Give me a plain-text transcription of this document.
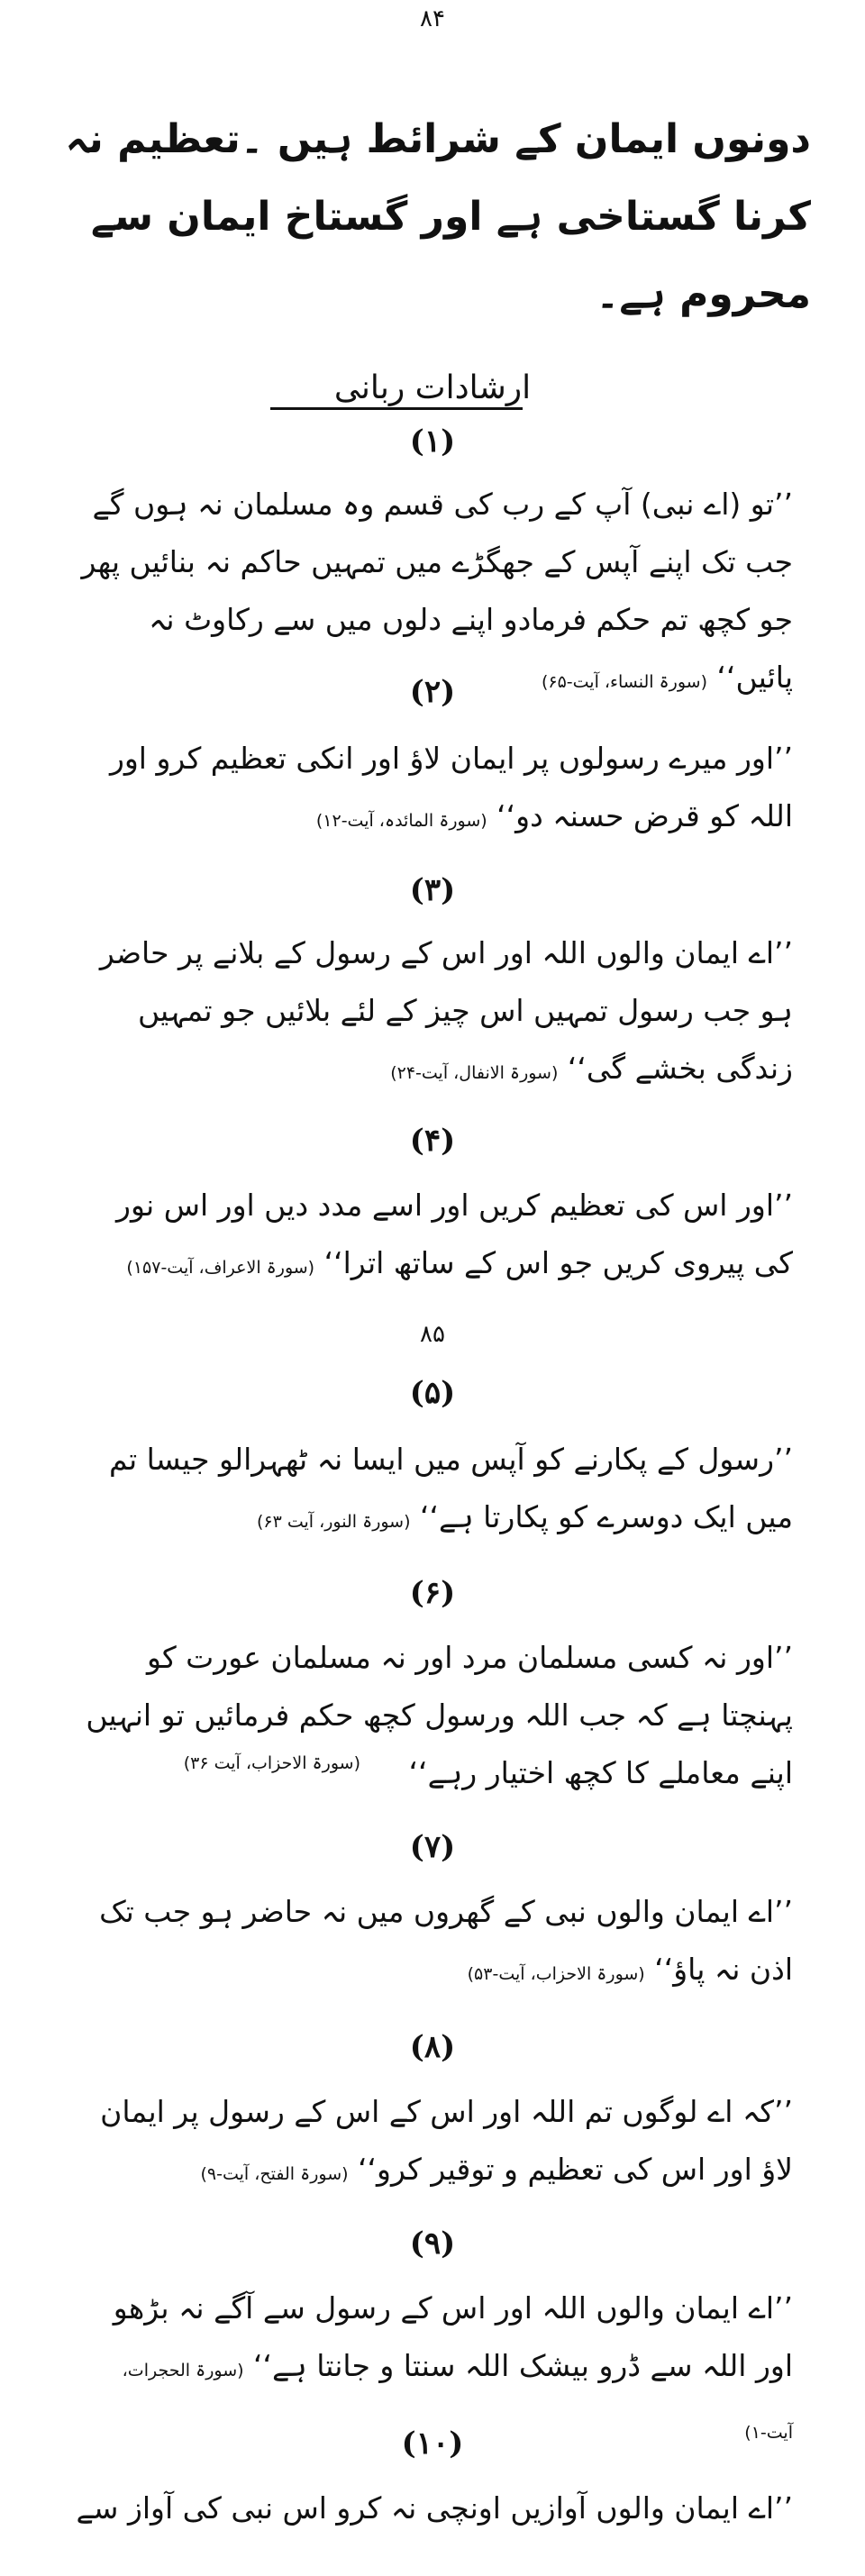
۸۴
دونوں ایمان کے شرائط ہیں ۔تعظیم نہ کرنا گستاخی ہے اور گستاخ ایمان سے محروم ہے۔
ارشادات ربانی
(۱)
’’تو (اے نبی) آپ کے رب کی قسم وہ مسلمان نہ ہوں گے جب تک اپنے آپس کے جھگڑے میں تمہیں حاکم نہ بنائیں پھر جو کچھ تم حکم فرمادو اپنے دلوں میں سے رکاوٹ نہ پائیں‘‘ (سورۃ النساء، آیت-۶۵)
(۲)
’’اور میرے رسولوں پر ایمان لاؤ اور انکی تعظیم کرو اور اللہ کو قرض حسنہ دو‘‘ (سورۃ المائدہ، آیت-۱۲)
(۳)
’’اے ایمان والوں اللہ اور اس کے رسول کے بلانے پر حاضر ہو جب رسول تمہیں اس چیز کے لئے بلائیں جو تمہیں زندگی بخشے گی‘‘ (سورۃ الانفال، آیت-۲۴)
(۴)
’’اور اس کی تعظیم کریں اور اسے مدد دیں اور اس نور کی پیروی کریں جو اس کے ساتھ اترا‘‘ (سورۃ الاعراف، آیت-۱۵۷)
۸۵
(۵)
’’رسول کے پکارنے کو آپس میں ایسا نہ ٹھہرالو جیسا تم میں ایک دوسرے کو پکارتا ہے‘‘ (سورۃ النور، آیت ۶۳)
(۶)
’’اور نہ کسی مسلمان مرد اور نہ مسلمان عورت کو پہنچتا ہے کہ جب اللہ ورسول کچھ حکم فرمائیں تو انہیں اپنے معاملے کا کچھ اختیار رہے‘‘
(سورۃ الاحزاب، آیت ۳۶)
(۷)
’’اے ایمان والوں نبی کے گھروں میں نہ حاضر ہو جب تک اذن نہ پاؤ‘‘ (سورۃ الاحزاب، آیت-۵۳)
(۸)
’’کہ اے لوگوں تم اللہ اور اس کے اس کے رسول پر ایمان لاؤ اور اس کی تعظیم و توقیر کرو‘‘ (سورۃ الفتح، آیت-۹)
(۹)
’’اے ایمان والوں اللہ اور اس کے رسول سے آگے نہ بڑھو اور اللہ سے ڈرو بیشک اللہ سنتا و جانتا ہے‘‘ (سورۃ الحجرات، آیت-۱)
(۱۰)
’’اے ایمان والوں آوازیں اونچی نہ کرو اس نبی کی آواز سے
